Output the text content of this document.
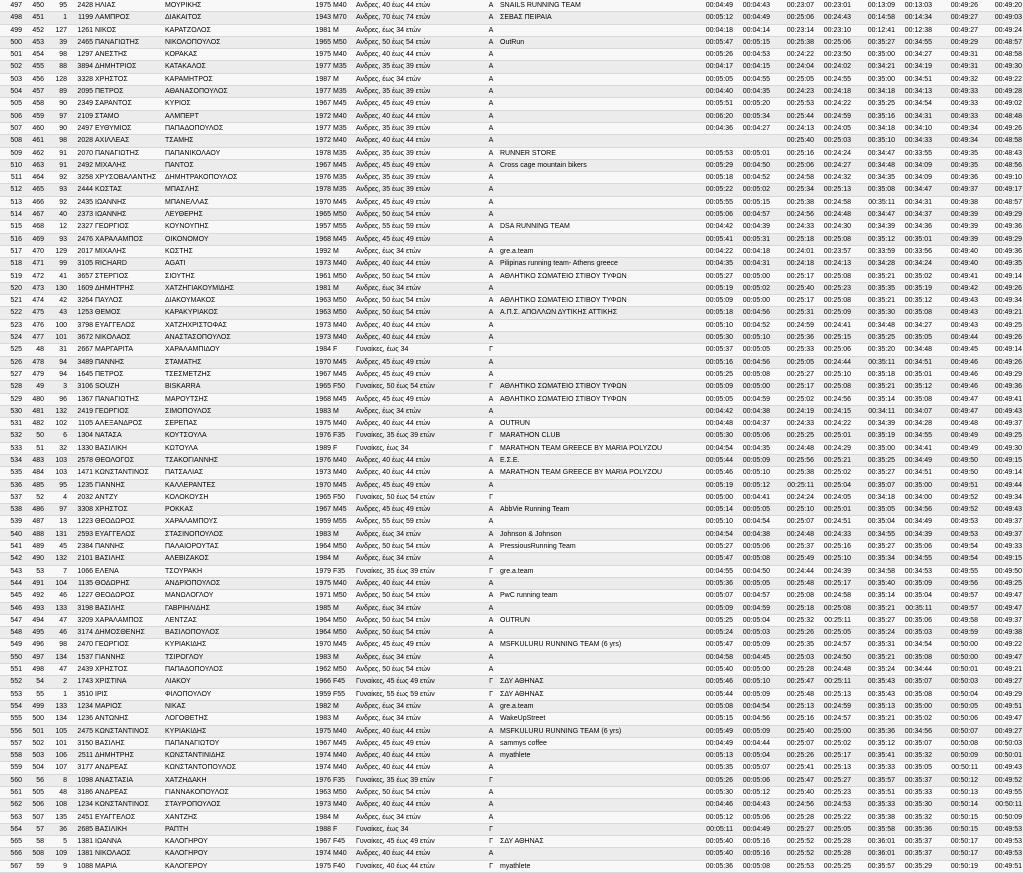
497	450	95	2428	ΗΛΙΑΣ	ΜΟΥΡΙΚΗΣ	1975	M40	Ανδρες, 40 έως 44 ετών	A	SNAILS RUNNING TEAM	00:04:49	00:04:43	00:23:07	00:23:01	00:13:09	00:13:03	00:49:26	00:49:20
498	451	1	1199	ΛΑΜΠΡΟΣ	ΔΙΑΚΑΙΤΟΣ	1943	M70	Ανδρες, 70 έως 74 ετών	A	ΣΕΒΑΣ ΠΕΙΡΑΙΑ	00:05:12	00:04:49	00:25:06	00:24:43	00:14:58	00:14:34	00:49:27	00:49:03
499	452	127	1261	ΝΙΚΟΣ	ΚΑΡΑΤΖΟΛΟΣ	1981	M	Ανδρες, έως 34 ετών	A		00:04:18	00:04:14	00:23:14	00:23:10	00:12:41	00:12:38	00:49:27	00:49:24
500	453	39	2465	ΠΑΝΑΓΙΩΤΗΣ	ΝΙΚΟΛΟΠΟΥΛΟΣ	1965	M50	Ανδρες, 50 έως 54 ετών	A	OutRun	00:05:47	00:05:15	00:25:38	00:25:06	00:35:27	00:34:55	00:49:29	00:48:57
501	454	98	1297	ΑΝΕΣΤΗΣ	ΚΟΡΑΚΑΣ	1975	M40	Ανδρες, 40 έως 44 ετών	A		00:05:26	00:04:53	00:24:22	00:23:50	00:35:00	00:34:27	00:49:31	00:48:58
502	455	88	3894	ΔΗΜΗΤΡΙΟΣ	ΚΑΤΑΚΑΛΟΣ	1977	M35	Ανδρες, 35 έως 39 ετών	A		00:04:17	00:04:15	00:24:04	00:24:02	00:34:21	00:34:19	00:49:31	00:49:30
503	456	128	3328	ΧΡΗΣΤΟΣ	ΚΑΡΑΜΗΤΡΟΣ	1987	M	Ανδρες, έως 34 ετών	A		00:05:05	00:04:55	00:25:05	00:24:55	00:35:00	00:34:51	00:49:32	00:49:22
504	457	89	2095	ΠΕΤΡΟΣ	ΑΘΑΝΑΣΟΠΟΥΛΟΣ	1977	M35	Ανδρες, 35 έως 39 ετών	A		00:04:40	00:04:35	00:24:23	00:24:18	00:34:18	00:34:13	00:49:33	00:49:28
505	458	90	2349	ΣΑΡΑΝΤΟΣ	ΚΥΡΙΟΣ	1967	M45	Ανδρες, 45 έως 49 ετών	A		00:05:51	00:05:20	00:25:53	00:24:22	00:35:25	00:34:54	00:49:33	00:49:02
506	459	97	2109	ΣΤΑΜΟ	ΑΛΜΠΕΡΤ	1972	M40	Ανδρες, 40 έως 44 ετών	A		00:06:20	00:05:34	00:25:44	00:24:59	00:35:16	00:34:31	00:49:33	00:48:48
507	460	90	2497	ΕΥΘΥΜΙΟΣ	ΠΑΠΑΔΟΠΟΥΛΟΣ	1977	M35	Ανδρες, 35 έως 39 ετών	A		00:04:36	00:04:27	00:24:13	00:24:05	00:34:18	00:34:10	00:49:34	00:49:26
508	461	98	2028	ΑΧΙΛΛΕΑΣ	ΤΣΑΜΗΣ	1972	M40	Ανδρες, 40 έως 44 ετών	A				00:25:40	00:25:03	00:35:10	00:34:33	00:49:34	00:48:58
509	462	91	2070	ΠΑΝΑΓΙΩΤΗΣ	ΠΑΠΑΝΙΚΟΛΑΟΥ	1978	M35	Ανδρες, 35 έως 39 ετών	A	RUNNER STORE	00:05:53	00:05:01	00:25:16	00:24:24	00:34:47	00:33:55	00:49:35	00:48:43
510	463	91	2492	ΜΙΧΑΛΗΣ	ΠΑΝΤΟΣ	1967	M45	Ανδρες, 45 έως 49 ετών	A	Cross cage mountain bikers	00:05:29	00:04:50	00:25:06	00:24:27	00:34:48	00:34:09	00:49:35	00:48:56
511	464	92	3258	ΧΡΥΣΟΒΑΛΑΝΤΗΣ	ΔΗΜΗΤΡΑΚΟΠΟΥΛΟΣ	1976	M35	Ανδρες, 35 έως 39 ετών	A		00:05:18	00:04:52	00:24:58	00:24:32	00:34:35	00:34:09	00:49:36	00:49:10
512	465	93	2444	ΚΩΣΤΑΣ	ΜΠΑΣΛΗΣ	1978	M35	Ανδρες, 35 έως 39 ετών	A		00:05:22	00:05:02	00:25:34	00:25:13	00:35:08	00:34:47	00:49:37	00:49:17
513	466	92	2435	ΙΩΑΝΝΗΣ	ΜΠΑΝΕΛΛΑΣ	1970	M45	Ανδρες, 45 έως 49 ετών	A		00:05:55	00:05:15	00:25:38	00:24:58	00:35:11	00:34:31	00:49:38	00:48:57
514	467	40	2373	ΙΩΑΝΝΗΣ	ΛΕΥΘΕΡΗΣ	1965	M50	Ανδρες, 50 έως 54 ετών	A		00:05:06	00:04:57	00:24:56	00:24:48	00:34:47	00:34:37	00:49:39	00:49:29
515	468	12	2327	ΓΕΩΡΓΙΟΣ	ΚΟΥΝΟΥΠΗΣ	1957	M55	Ανδρες, 55 έως 59 ετών	A	DSA RUNNING TEAM	00:04:42	00:04:39	00:24:33	00:24:30	00:34:39	00:34:36	00:49:39	00:49:36
516	469	93	2476	ΧΑΡΑΛΑΜΠΟΣ	ΟΙΚΟΝΟΜΟΥ	1968	M45	Ανδρες, 45 έως 49 ετών	A		00:05:41	00:05:31	00:25:18	00:25:08	00:35:12	00:35:01	00:49:39	00:49:29
517	470	129	2017	ΜΙΧΑΛΗΣ	ΚΩΣΤΗΣ	1992	M	Ανδρες, έως 34 ετών	A	gre.a.team	00:04:22	00:04:18	00:24:01	00:23:57	00:33:59	00:33:56	00:49:40	00:49:36
518	471	99	3105	RICHARD	AGATI	1973	M40	Ανδρες, 40 έως 44 ετών	A	Pilipinas running team- Athens greece	00:04:35	00:04:31	00:24:18	00:24:13	00:34:28	00:34:24	00:49:40	00:49:35
519	472	41	3657	ΣΤΕΡΓΙΟΣ	ΣΙΟΥΤΗΣ	1961	M50	Ανδρες, 50 έως 54 ετών	A	ΑΘΛΗΤΙΚΟ ΣΩΜΑΤΕΙΟ ΣΤΙΒΟΥ ΤΥΦΩΝ	00:05:27	00:05:00	00:25:17	00:25:08	00:35:21	00:35:02	00:49:41	00:49:14
520	473	130	1609	ΔΗΜΗΤΡΗΣ	ΧΑΤΖΗΓΙΑΚΟΥΜΙΔΗΣ	1981	M	Ανδρες, έως 34 ετών	A		00:05:19	00:05:02	00:25:40	00:25:23	00:35:35	00:35:19	00:49:42	00:49:26
521	474	42	3264	ΠΑΥΛΟΣ	ΔΙΑΚΟΥΜΑΚΟΣ	1963	M50	Ανδρες, 50 έως 54 ετών	A	ΑΘΛΗΤΙΚΟ ΣΩΜΑΤΕΙΟ ΣΤΙΒΟΥ ΤΥΦΩΝ	00:05:09	00:05:00	00:25:17	00:25:08	00:35:21	00:35:12	00:49:43	00:49:34
522	475	43	1253	ΘΕΜΟΣ	ΚΑΡΑΚΥΡΙΑΚΟΣ	1963	M50	Ανδρες, 50 έως 54 ετών	A	Α.Π.Σ. ΑΠΟΛΛΩΝ ΔΥΤΙΚΗΣ ΑΤΤΙΚΗΣ	00:05:18	00:04:56	00:25:31	00:25:09	00:35:30	00:35:08	00:49:43	00:49:21
523	476	100	3798	ΕΥΑΓΓΕΛΟΣ	ΧΑΤΖΗΧΡΙΣΤΟΦΑΣ	1973	M40	Ανδρες, 40 έως 44 ετών	A		00:05:10	00:04:52	00:24:59	00:24:41	00:34:48	00:34:27	00:49:43	00:49:25
524	477	101	3672	ΝΙΚΟΛΑΟΣ	ΑΝΑΣΤΑΣΟΠΟΥΛΟΣ	1973	M40	Ανδρες, 40 έως 44 ετών	A		00:05:30	00:05:10	00:25:36	00:25:15	00:35:25	00:35:05	00:49:44	00:49:26
525	48	31	2667	ΜΑΡΓΑΡΙΤΑ	ΧΑΡΑΛΑΜΠΙΔΟΥ	1984	F	Γυναίκες, έως 34	Γ		00:05:37	00:05:05	00:25:33	00:25:06	00:35:20	00:34:48	00:49:45	00:49:14
526	478	94	3489	ΠΑΝΝΗΣ	ΣΤΑΜΑΤΗΣ	1970	M45	Ανδρες, 45 έως 49 ετών	A		00:05:16	00:04:56	00:25:05	00:24:44	00:35:11	00:34:51	00:49:46	00:49:26
527	479	94	1645	ΠΕΤΡΟΣ	ΤΣΕΣΜΕΤΖΗΣ	1967	M45	Ανδρες, 45 έως 49 ετών	A		00:05:25	00:05:08	00:25:27	00:25:10	00:35:18	00:35:01	00:49:46	00:49:29
528	49	3	3106	SOUZH	BISKARRA	1965	F50	Γυναίκες, 50 έως 54 ετών	Γ	ΑΘΛΗΤΙΚΟ ΣΩΜΑΤΕΙΟ ΣΤΙΒΟΥ ΤΥΦΩΝ	00:05:09	00:05:00	00:25:17	00:25:08	00:35:21	00:35:12	00:49:46	00:49:36
529	480	96	1367	ΠΑΝΑΓΙΩΤΗΣ	ΜΑΡΟΥΤΣΗΣ	1968	M45	Ανδρες, 45 έως 49 ετών	A	ΑΘΛΗΤΙΚΟ ΣΩΜΑΤΕΙΟ ΣΤΙΒΟΥ ΤΥΦΩΝ	00:05:05	00:04:59	00:25:02	00:24:56	00:35:14	00:35:08	00:49:47	00:49:41
530	481	132	2419	ΓΕΩΡΓΙΟΣ	ΣΙΜΟΠΟΥΛΟΣ	1983	M	Ανδρες, έως 34 ετών	A		00:04:42	00:04:38	00:24:19	00:24:15	00:34:11	00:34:07	00:49:47	00:49:43
531	482	102	1105	ΑΛΕΞΑΝΔΡΟΣ	ΣΕΡΕΠΑΣ	1975	M40	Ανδρες, 40 έως 44 ετών	A	OUTRUN	00:04:48	00:04:37	00:24:33	00:24:22	00:34:39	00:34:28	00:49:48	00:49:37
532	50	6	1304	ΝΑΤΑΣΑ	ΚΟΥΤΣΟΥΛΑ	1976	F35	Γυναίκες, 35 έως 39 ετών	Γ	MARATHON CLUB	00:05:30	00:05:06	00:25:25	00:25:01	00:35:19	00:34:55	00:49:49	00:49:25
533	51	32	1330	ΒΑΣΙΛΙΚΗ	ΚΩΤΟΥΛΑ	1989	F	Γυναίκες, έως 34	Γ	MARATHON TEAM GREECE BY MARIA POLYZOU	00:04:54	00:04:35	00:24:48	00:24:29	00:35:00	00:34:41	00:49:49	00:49:30
534	483	103	2578	ΘΕΟΛΟΓΟΣ	ΤΣΑΚΟΓΙΑΝΝΗΣ	1976	M40	Ανδρες, 40 έως 44 ετών	A	Ε.Σ.Ε.	00:05:44	00:05:09	00:25:56	00:25:21	00:35:25	00:34:49	00:49:50	00:49:15
535	484	103	1471	ΚΩΝΣΤΑΝΤΙΝΟΣ	ΠΑΤΣΑΛΙΑΣ	1973	M40	Ανδρες, 40 έως 44 ετών	A	MARATHON TEAM GREECE BY MARIA POLYZOU	00:05:46	00:05:10	00:25:38	00:25:02	00:35:27	00:34:51	00:49:50	00:49:14
536	485	95	1235	ΓΙΑΝΝΗΣ	ΚΑΛΛΕΡΑΝΤΕΣ	1970	M45	Ανδρες, 45 έως 49 ετών	A		00:05:19	00:05:12	00:25:11	00:25:04	00:35:07	00:35:00	00:49:51	00:49:44
537	52	4	2032	ΑΝΤΖΥ	ΚΟΛΟΚΟΥΣΗ	1965	F50	Γυναίκες, 50 έως 54 ετών	Γ		00:05:00	00:04:41	00:24:24	00:24:05	00:34:18	00:34:00	00:49:52	00:49:34
538	486	97	3308	ΧΡΗΣΤΟΣ	ΡΟΚΚΑΣ	1967	M45	Ανδρες, 45 έως 49 ετών	A	AbbVie Running Team	00:05:14	00:05:05	00:25:10	00:25:01	00:35:05	00:34:56	00:49:52	00:49:43
539	487	13	1223	ΘΕΟΔΩΡΟΣ	ΧΑΡΑΛΑΜΠΟΥΣ	1959	M55	Ανδρες, 55 έως 59 ετών	A		00:05:10	00:04:54	00:25:07	00:24:51	00:35:04	00:34:49	00:49:53	00:49:37
540	488	131	2593	ΕΥΑΓΓΕΛΟΣ	ΣΤΑΣΙΝΟΠΟΥΛΟΣ	1983	M	Ανδρες, έως 34 ετών	A	Johnson & Johnson	00:04:54	00:04:38	00:24:48	00:24:33	00:34:55	00:34:39	00:49:53	00:49:37
541	489	45	2384	ΠΑΝΝΗΣ	ΠΑΛΑΙΟΡΟΥΤΑΣ	1964	M50	Ανδρες, 50 έως 54 ετών	A	PressiousRunning Team	00:05:27	00:05:06	00:25:37	00:25:16	00:35:27	00:35:06	00:49:54	00:49:33
542	490	132	2101	ΒΑΣΙΛΗΣ	ΑΛΕΒΙΖΑΚΟΣ	1984	M	Ανδρες, έως 34 ετών	A		00:05:47	00:05:08	00:25:49	00:25:10	00:35:34	00:34:55	00:49:54	00:49:15
543	53	7	1066	ΕΛΕΝΑ	ΤΣΟΥΡΑΚΗ	1979	F35	Γυναίκες, 35 έως 39 ετών	Γ	gre.a.team	00:04:55	00:04:50	00:24:44	00:24:39	00:34:58	00:34:53	00:49:55	00:49:50
544	491	104	1135	ΘΟΔΩΡΗΣ	ΑΝΔΡΙΟΠΟΥΛΟΣ	1975	M40	Ανδρες, 40 έως 44 ετών	A		00:05:36	00:05:05	00:25:48	00:25:17	00:35:40	00:35:09	00:49:56	00:49:25
545	492	46	1227	ΘΕΟΔΩΡΟΣ	ΜΑΝΩΛΟΓΛΟΥ	1971	M50	Ανδρες, 50 έως 54 ετών	A	PwC running team	00:05:07	00:04:57	00:25:08	00:24:58	00:35:14	00:35:04	00:49:57	00:49:47
546	493	133	3198	ΒΑΣΙΛΗΣ	ΓΑΒΡΙΗΛΙΔΗΣ	1985	M	Ανδρες, έως 34 ετών	A		00:05:09	00:04:59	00:25:18	00:25:08	00:35:21	00:35:11	00:49:57	00:49:47
547	494	47	3209	ΧΑΡΑΛΑΜΠΟΣ	ΛΕΝΤΖΑΣ	1964	M50	Ανδρες, 50 έως 54 ετών	A	OUTRUN	00:05:25	00:05:04	00:25:32	00:25:11	00:35:27	00:35:06	00:49:58	00:49:37
548	495	46	3174	ΔΗΜΟΣΘΕΝΗΣ	ΒΑΣΙΛΟΠΟΥΛΟΣ	1964	M50	Ανδρες, 50 έως 54 ετών	A		00:05:24	00:05:03	00:25:26	00:25:05	00:35:24	00:35:03	00:49:59	00:49:38
549	496	98	2470	ΓΕΩΡΓΙΟΣ	ΚΥΡΙΑΚΙΔΗΣ	1970	M45	Ανδρες, 45 έως 49 ετών	A	MSFKULURU RUNNING TEAM (6 yrs)	00:05:47	00:05:09	00:25:35	00:24:57	00:35:31	00:34:54	00:50:00	00:49:22
550	497	134	1537	ΓΙΑΝΝΗΣ	ΤΣΙΡΟΓΛΟΥ	1983	M	Ανδρες, έως 34 ετών	A		00:04:58	00:04:45	00:25:03	00:24:50	00:35:21	00:35:08	00:50:00	00:49:47
551	498	47	2439	ΧΡΗΣΤΟΣ	ΠΑΠΑΔΟΠΟΥΛΟΣ	1962	M50	Ανδρες, 50 έως 54 ετών	A		00:05:40	00:05:00	00:25:28	00:24:48	00:35:24	00:34:44	00:50:01	00:49:21
552	54	2	1743	ΧΡΙΣΤΙΝΑ	ΛΙΑΚΟΥ	1966	F45	Γυναίκες, 45 έως 49 ετών	Γ	ΣΔΥ ΑΘΗΝΑΣ	00:05:46	00:05:10	00:25:47	00:25:11	00:35:43	00:35:07	00:50:03	00:49:27
553	55	1	3510	ΙΡΙΣ	ΦΙΛΟΠΟΥΛΟΥ	1959	F55	Γυναίκες, 55 έως 59 ετών	Γ	ΣΔΥ ΑΘΗΝΑΣ	00:05:44	00:05:09	00:25:48	00:25:13	00:35:43	00:35:08	00:50:04	00:49:29
554	499	133	1234	ΜΑΡΙΟΣ	ΝΙΚΑΣ	1982	M	Ανδρες, έως 34 ετών	A	gre.a.team	00:05:08	00:04:54	00:25:13	00:24:59	00:35:13	00:35:00	00:50:05	00:49:51
555	500	134	1236	ΑΝΤΩΝΗΣ	ΛΟΓΟΘΕΤΗΣ	1983	M	Ανδρες, έως 34 ετών	A	WakeUpStreet	00:05:15	00:04:56	00:25:16	00:24:57	00:35:21	00:35:02	00:50:06	00:49:47
556	501	105	2475	ΚΩΝΣΤΑΝΤΙΝΟΣ	ΚΥΡΙΑΚΙΔΗΣ	1975	M40	Ανδρες, 40 έως 44 ετών	A	MSFKULURU RUNNING TEAM (6 yrs)	00:05:49	00:05:09	00:25:40	00:25:00	00:35:36	00:34:56	00:50:07	00:49:27
557	502	101	3150	ΒΑΣΙΛΗΣ	ΠΑΠΑΝΑΓΙΩΤΟΥ	1967	M45	Ανδρες, 45 έως 49 ετών	A	sammys coffee	00:04:49	00:04:44	00:25:07	00:25:02	00:35:12	00:35:07	00:50:08	00:50:03
558	503	106	2511	ΔΗΜΗΤΡΗΣ	ΚΩΝΣΤΑΝΤΙΝΙΔΗΣ	1974	M40	Ανδρες, 40 έως 44 ετών	A	myathlete	00:05:13	00:05:04	00:25:26	00:25:17	00:35:41	00:35:32	00:50:09	00:50:01
559	504	107	3177	ΑΝΔΡΕΑΣ	ΚΩΝΣΤΑΝΤΟΠΟΥΛΟΣ	1974	M40	Ανδρες, 40 έως 44 ετών	A		00:05:35	00:05:07	00:25:41	00:25:13	00:35:33	00:35:05	00:50:11	00:49:43
560	56	8	1098	ΑΝΑΣΤΑΣΙΑ	ΧΑΤΖΗΔΑΚΗ	1976	F35	Γυναίκες, 35 έως 39 ετών	Γ		00:05:26	00:05:06	00:25:47	00:25:27	00:35:57	00:35:37	00:50:12	00:49:52
561	505	48	3186	ΑΝΔΡΕΑΣ	ΓΙΑΝΝΑΚΟΠΟΥΛΟΣ	1963	M50	Ανδρες, 50 έως 54 ετών	A		00:05:30	00:05:12	00:25:40	00:25:23	00:35:51	00:35:33	00:50:13	00:49:55
562	506	108	1234	ΚΩΝΣΤΑΝΤΙΝΟΣ	ΣΤΑΥΡΟΠΟΥΛΟΣ	1973	M40	Ανδρες, 40 έως 44 ετών	A		00:04:46	00:04:43	00:24:56	00:24:53	00:35:33	00:35:30	00:50:14	00:50:11
563	507	135	2451	ΕΥΑΓΓΕΛΟΣ	ΧΑΝΤΖΗΣ	1984	M	Ανδρες, έως 34 ετών	A		00:05:12	00:05:06	00:25:28	00:25:22	00:35:38	00:35:32	00:50:15	00:50:09
564	57	36	2685	ΒΑΣΙΛΙΚΗ	ΡΑΠΤΗ	1988	F	Γυναίκες, έως 34	Γ		00:05:11	00:04:49	00:25:27	00:25:05	00:35:58	00:35:36	00:50:15	00:49:53
565	58	5	1381	ΙΩΑΝΝΑ	ΚΑΛΟΓΗΡΟΥ	1967	F45	Γυναίκες, 45 έως 49 ετών	Γ	ΣΔΥ ΑΘΗΝΑΣ	00:05:40	00:05:16	00:25:52	00:25:28	00:36:01	00:35:37	00:50:17	00:49:53
566	508	109	1381	ΝΙΚΟΛΑΟΣ	ΚΑΛΟΓΗΡΟΥ	1974	M40	Ανδρες, 40 έως 44 ετών	A		00:05:40	00:05:16	00:25:52	00:25:28	00:36:01	00:35:37	00:50:17	00:49:53
567	59	9	1088	ΜΑΡΙΑ	ΚΑΛΟΓΕΡΟΥ	1975	F40	Γυναίκες, 40 έως 44 ετών	Γ	myathlete	00:05:36	00:05:08	00:25:53	00:25:25	00:35:57	00:35:29	00:50:19	00:49:51
